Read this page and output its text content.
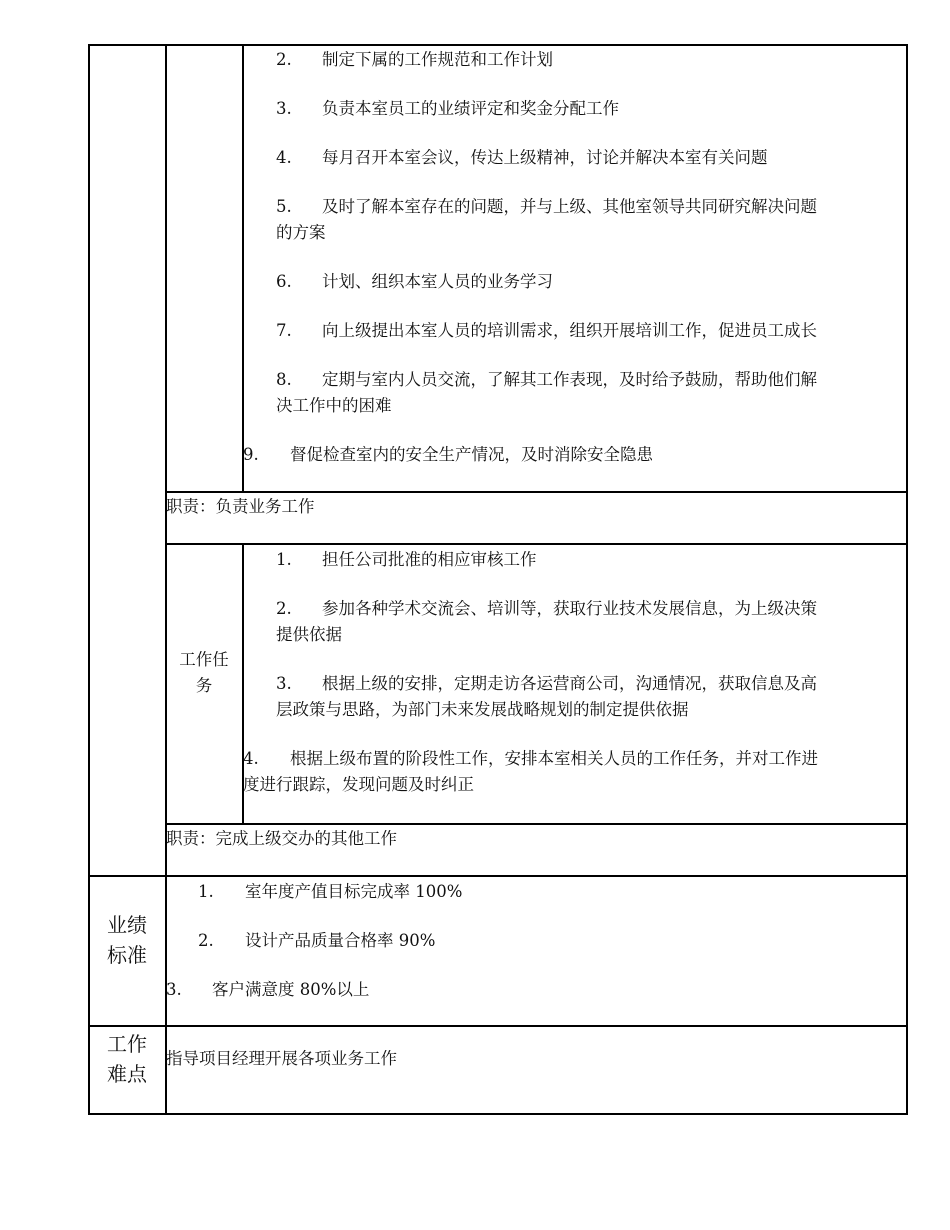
2. 制定下属的工作规范和工作计划
3. 负责本室员工的业绩评定和奖金分配工作
4. 每月召开本室会议，传达上级精神，讨论并解决本室有关问题
5. 及时了解本室存在的问题，并与上级、其他室领导共同研究解决问题
的方案
6. 计划、组织本室人员的业务学习
7. 向上级提出本室人员的培训需求，组织开展培训工作，促进员工成长
8. 定期与室内人员交流，了解其工作表现，及时给予鼓励，帮助他们解
决工作中的困难
9. 督促检查室内的安全生产情况，及时消除安全隐患
职责：负责业务工作
工作任
务
1. 担任公司批准的相应审核工作
2. 参加各种学术交流会、培训等，获取行业技术发展信息，为上级决策
提供依据
3. 根据上级的安排，定期走访各运营商公司，沟通情况，获取信息及高
层政策与思路，为部门未来发展战略规划的制定提供依据
4. 根据上级布置的阶段性工作，安排本室相关人员的工作任务，并对工作进
度进行跟踪，发现问题及时纠正
职责：完成上级交办的其他工作
业绩
标准
1. 室年度产值目标完成率 100%
2. 设计产品质量合格率 90%
3. 客户满意度 80%以上
工作
难点
指导项目经理开展各项业务工作
